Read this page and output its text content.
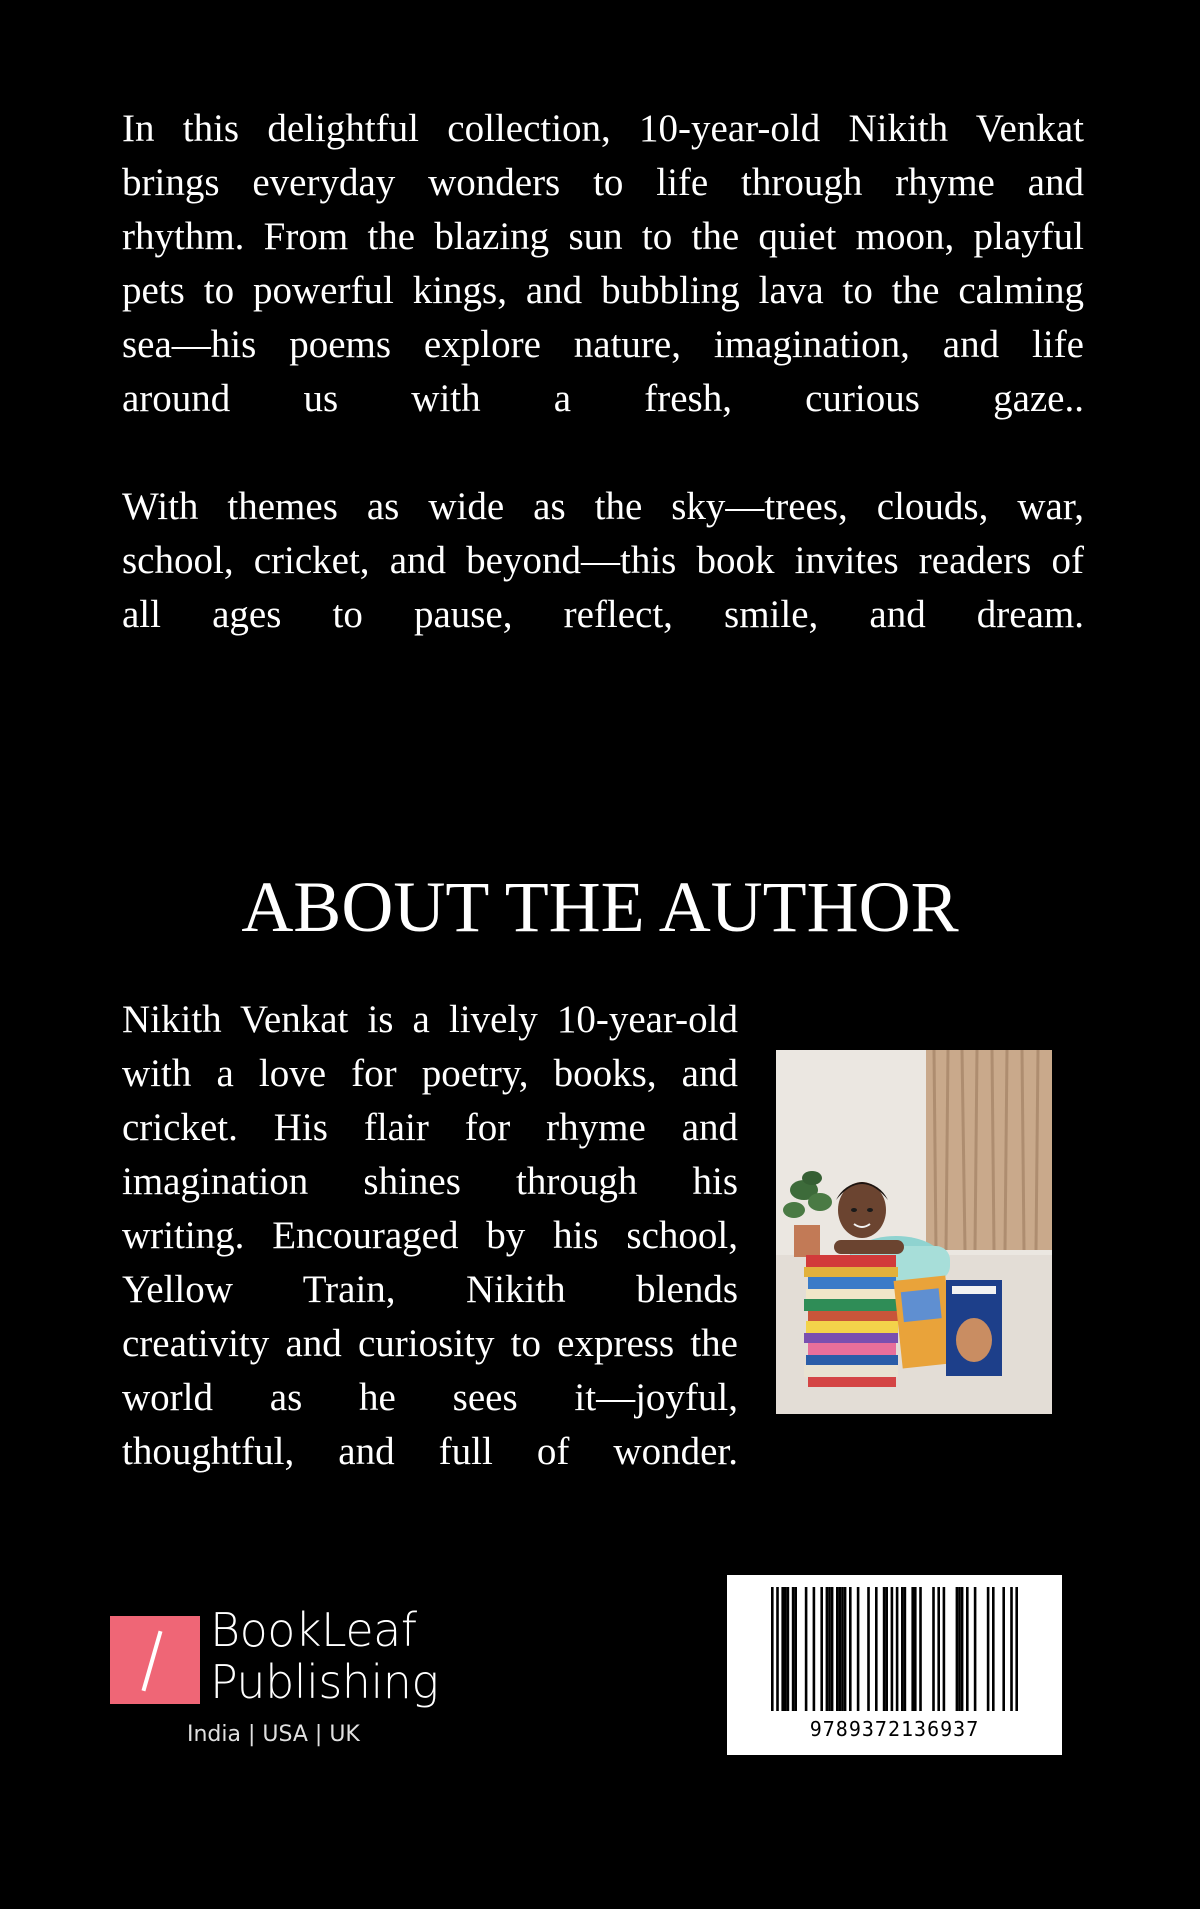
In this delightful collection, 10-year-old Nikith Venkat
brings everyday wonders to life through rhyme and
rhythm. From the blazing sun to the quiet moon, playful
pets to powerful kings, and bubbling lava to the calming
sea—his poems explore nature, imagination, and life
around us with a fresh, curious gaze..

With themes as wide as the sky—trees, clouds, war,
school, cricket, and beyond—this book invites readers of
all ages to pause, reflect, smile, and dream.

ABOUT THE AUTHOR

Nikith Venkat is a lively 10-year-old
with a love for poetry, books, and
cricket. His flair for rhyme and
imagination shines through his
writing. Encouraged by his school,
Yellow Train, Nikith blends
creativity and curiosity to express the
world as he sees it—joyful,
thoughtful, and full of wonder.

BookLeaf
Publishing
India | USA | UK	9789372136937
